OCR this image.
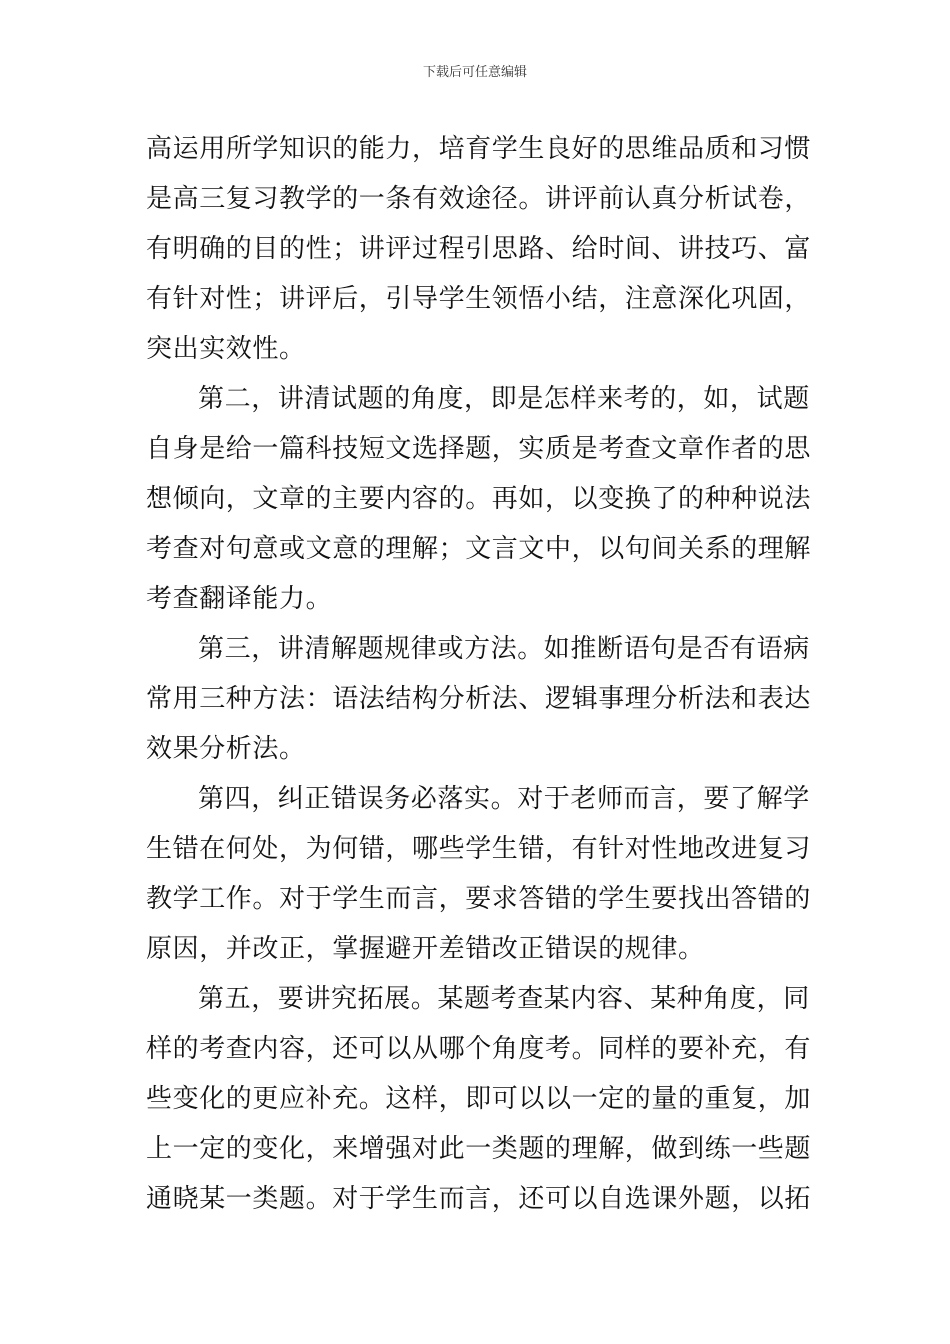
下载后可任意编辑
高运用所学知识的能力，培育学生良好的思维品质和习惯
是高三复习教学的一条有效途径。讲评前认真分析试卷，
有明确的目的性；讲评过程引思路、给时间、讲技巧、富
有针对性；讲评后，引导学生领悟小结，注意深化巩固，
突出实效性。
第二，讲清试题的角度，即是怎样来考的，如，试题
自身是给一篇科技短文选择题，实质是考查文章作者的思
想倾向，文章的主要内容的。再如，以变换了的种种说法
考查对句意或文意的理解；文言文中，以句间关系的理解
考查翻译能力。
第三，讲清解题规律或方法。如推断语句是否有语病
常用三种方法：语法结构分析法、逻辑事理分析法和表达
效果分析法。
第四，纠正错误务必落实。对于老师而言，要了解学
生错在何处，为何错，哪些学生错，有针对性地改进复习
教学工作。对于学生而言，要求答错的学生要找出答错的
原因，并改正，掌握避开差错改正错误的规律。
第五，要讲究拓展。某题考查某内容、某种角度，同
样的考查内容，还可以从哪个角度考。同样的要补充，有
些变化的更应补充。这样，即可以以一定的量的重复，加
上一定的变化，来增强对此一类题的理解，做到练一些题
通晓某一类题。对于学生而言，还可以自选课外题，以拓
